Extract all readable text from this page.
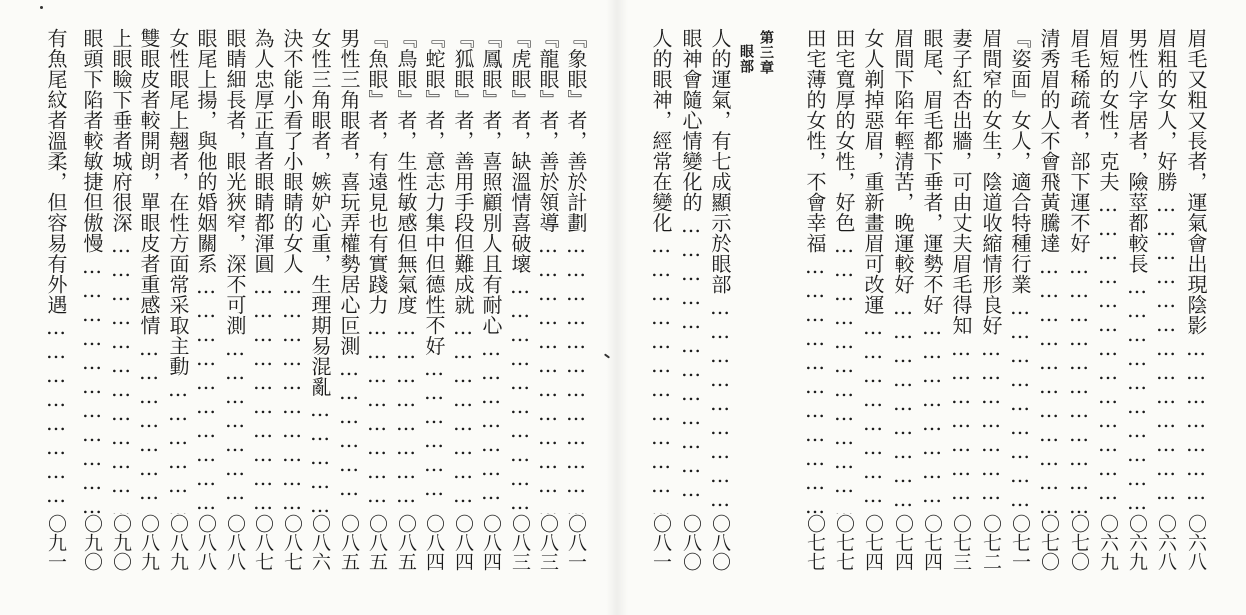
『象眼』者，善於計劃 ……………………………………………………………………………………
〇八一
『龍眼』者，善於領導 ……………………………………………………………………………………
〇八三
『虎眼』者，缺溫情喜破壞 ……………………………………………………………………………………
〇八三
『鳳眼』者，喜照顧別人且有耐心 ……………………………………………………………………………………
〇八四
『狐眼』者，善用手段但難成就 ……………………………………………………………………………………
〇八四
『蛇眼』者，意志力集中但德性不好 ……………………………………………………………………………………
〇八四
『鳥眼』者，生性敏感但無氣度 ……………………………………………………………………………………
〇八五
『魚眼』者，有遠見也有實踐力 ……………………………………………………………………………………
〇八五
男性三角眼者，喜玩弄權勢居心叵測 ……………………………………………………………………………………
〇八五
女性三角眼者，嫉妒心重，生理期易混亂 ……………………………………………………………………………………
〇八六
決不能小看了小眼睛的女人 ……………………………………………………………………………………
〇八七
為人忠厚正直者眼睛都渾圓 ……………………………………………………………………………………
〇八七
眼睛細長者，眼光狹窄，深不可測 ……………………………………………………………………………………
〇八八
眼尾上揚，與他的婚姻關系 ……………………………………………………………………………………
〇八八
女性眼尾上翹者，在性方面常采取主動 ……………………………………………………………………………………
〇八九
雙眼皮者較開朗，單眼皮者重感情 ……………………………………………………………………………………
〇八九
上眼瞼下垂者城府很深 ……………………………………………………………………………………
〇九〇
眼頭下陷者較敏捷但傲慢 ……………………………………………………………………………………
〇九〇
有魚尾紋者溫柔，但容易有外遇 ……………………………………………………………………………………
〇九一
眉毛又粗又長者，運氣會出現陰影 ……………………………………………………………………………………
〇六八
眉粗的女人，好勝 ……………………………………………………………………………………
〇六八
男性八字居者，險莖都較長 ……………………………………………………………………………………
〇六九
眉短的女性，克夫 ……………………………………………………………………………………
〇六九
眉毛稀疏者，部下運不好 ……………………………………………………………………………………
〇七〇
清秀眉的人不會飛黃騰達 ……………………………………………………………………………………
〇七〇
『姿面』女人，適合特種行業 ……………………………………………………………………………………
〇七一
眉間窄的女生，陰道收縮情形良好 ……………………………………………………………………………………
〇七二
妻子紅杏出牆，可由丈夫眉毛得知 ……………………………………………………………………………………
〇七三
眼尾、眉毛都下垂者，運勢不好 ……………………………………………………………………………………
〇七四
眉間下陷年輕清苦，晚運較好 ……………………………………………………………………………………
〇七四
女人剃掉惡眉，重新畫眉可改運 ……………………………………………………………………………………
〇七四
田宅寬厚的女性，好色 ……………………………………………………………………………………
〇七七
田宅薄的女性，不會幸福 ……………………………………………………………………………………
〇七七
第三章
眼部
人的運氣，有七成顯示於眼部 ……………………………………………………………………………………
〇八〇
眼神會隨心情變化的 ……………………………………………………………………………………
〇八〇
人的眼神，經常在變化 ……………………………………………………………………………………
〇八一
